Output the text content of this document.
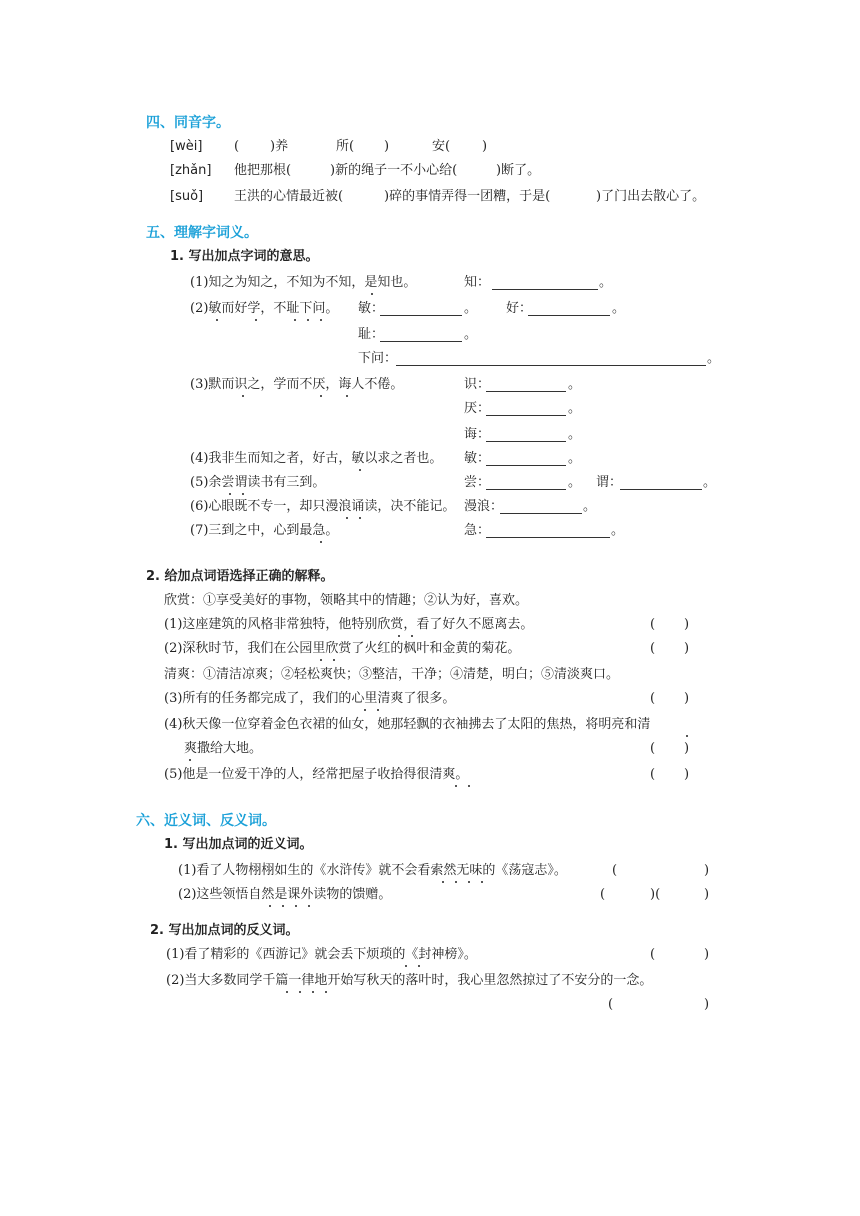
四、同音字。
[wèi] ( )养	所( )	安( )
[zhǎn] 他把那根(	)新的绳子一不小心给(	)断了。
[suǒ] 王洪的心情最近被(	)碎的事情弄得一团糟，于是(	)了门出去散心了。
五、理解字词义。
1. 写出加点字词的意思。
(1)知之为知之，不知为不知，是知也。	知：	。
(2)敏而好学，不耻下问。 敏：	。 好：	。
耻：	。
下问：	。
(3)默而识之，学而不厌，诲人不倦。	识：	。
厌：	。
诲：	。
(4)我非生而知之者，好古，敏以求之者也。 敏：	。
(5)余尝谓读书有三到。	尝：	。 谓：	。
(6)心眼既不专一，却只漫浪诵读，决不能记。 漫浪：	。
(7)三到之中，心到最急。	急：	。
2. 给加点词语选择正确的解释。
欣赏：①享受美好的事物，领略其中的情趣；②认为好，喜欢。
(1)这座建筑的风格非常独特，他特别欣赏，看了好久不愿离去。	( )
(2)深秋时节，我们在公园里欣赏了火红的枫叶和金黄的菊花。	( )
清爽：①清洁凉爽；②轻松爽快；③整洁，干净；④清楚，明白；⑤清淡爽口。
(3)所有的任务都完成了，我们的心里清爽了很多。	( )
(4)秋天像一位穿着金色衣裙的仙女，她那轻飘的衣袖拂去了太阳的焦热，将明亮和清
爽撒给大地。	( )
(5)他是一位爱干净的人，经常把屋子收拾得很清爽。	( )
六、近义词、反义词。
1. 写出加点词的近义词。
(1)看了人物栩栩如生的《水浒传》就不会看索然无味的《荡寇志》。	(	)
(2)这些领悟自然是课外读物的馈赠。	(	)(	)
2. 写出加点词的反义词。
(1)看了精彩的《西游记》就会丢下烦琐的《封神榜》。	(	)
(2)当大多数同学千篇一律地开始写秋天的落叶时，我心里忽然掠过了不安分的一念。
(	)
